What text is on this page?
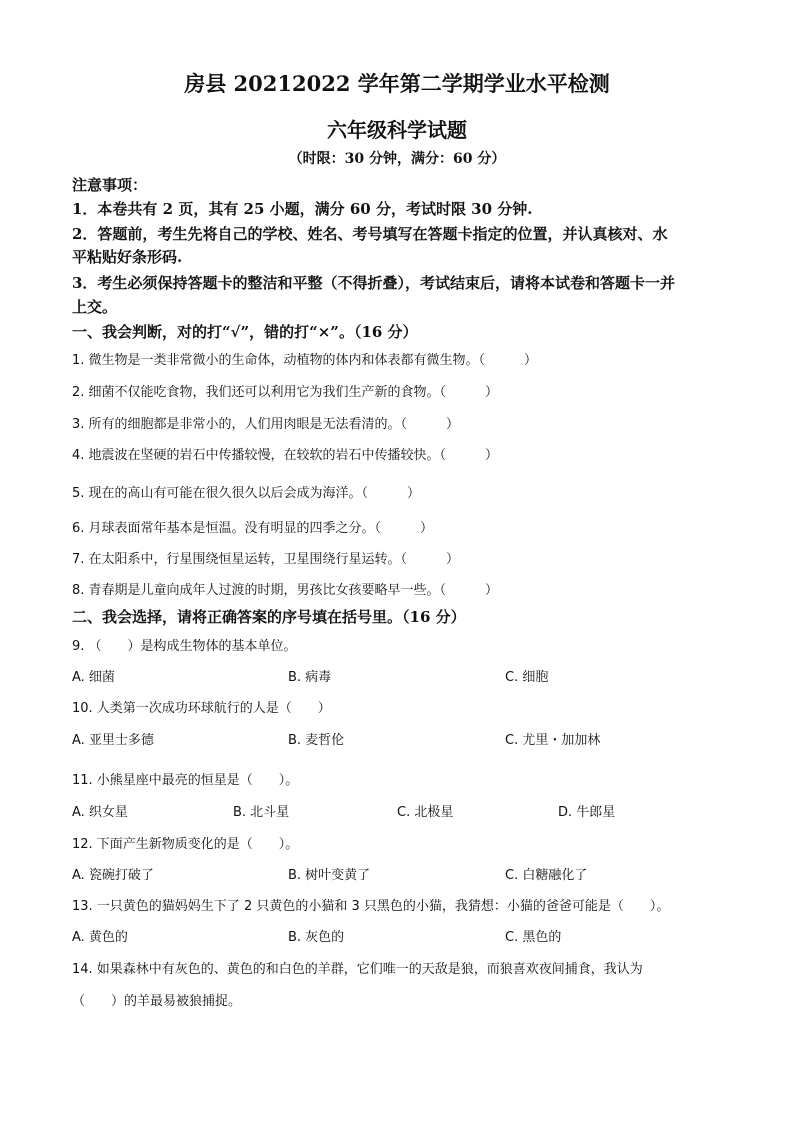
房县 20212022 学年第二学期学业水平检测
六年级科学试题
（时限：30 分钟，满分：60 分）
注意事项：
1．本卷共有 2 页，其有 25 小题，满分 60 分，考试时限 30 分钟.
2．答题前，考生先将自己的学校、姓名、考号填写在答题卡指定的位置，并认真核对、水
平粘贴好条形码.
3．考生必须保持答题卡的整洁和平整（不得折叠），考试结束后，请将本试卷和答题卡一并
上交。
一、我会判断，对的打“√”，错的打“×”。（16 分）
1. 微生物是一类非常微小的生命体，动植物的体内和体表都有微生物。（　　　）
2. 细菌不仅能吃食物，我们还可以利用它为我们生产新的食物。（　　　）
3. 所有的细胞都是非常小的，人们用肉眼是无法看清的。（　　　）
4. 地震波在坚硬的岩石中传播较慢，在较软的岩石中传播较快。（　　　）
5. 现在的高山有可能在很久很久以后会成为海洋。（　　　）
6. 月球表面常年基本是恒温。没有明显的四季之分。（　　　）
7. 在太阳系中，行星围绕恒星运转，卫星围绕行星运转。（　　　）
8. 青春期是儿童向成年人过渡的时期，男孩比女孩要略早一些。（　　　）
二、我会选择，请将正确答案的序号填在括号里。（16 分）
9. （　　）是构成生物体的基本单位。
A. 细菌	B. 病毒	C. 细胞
10. 人类第一次成功环球航行的人是（　　）
A. 亚里士多德	B. 麦哲伦	C. 尤里・加加林
11. 小熊星座中最亮的恒星是（　　）。
A. 织女星	B. 北斗星	C. 北极星	D. 牛郎星
12. 下面产生新物质变化的是（　　）。
A. 瓷碗打破了	B. 树叶变黄了	C. 白糖融化了
13. 一只黄色的猫妈妈生下了 2 只黄色的小猫和 3 只黑色的小猫，我猜想：小猫的爸爸可能是（　　）。
A. 黄色的	B. 灰色的	C. 黑色的
14. 如果森林中有灰色的、黄色的和白色的羊群，它们唯一的天敌是狼，而狼喜欢夜间捕食，我认为
（　　）的羊最易被狼捕捉。
